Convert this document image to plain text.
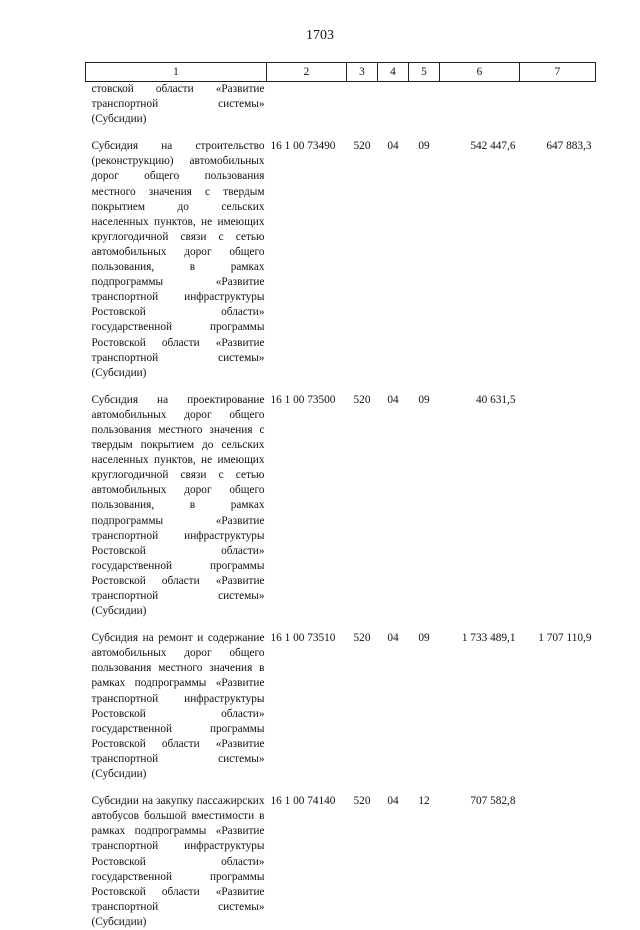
1703
1	2	3	4	5	6	7
стовской области «Развитие транспортной системы» (Субсидии)						
Субсидия на строительство (реконструкцию) автомобильных дорог общего пользования местного значения с твердым покрытием до сельских населенных пунктов, не имеющих круглогодичной связи с сетью автомобильных дорог общего пользования, в рамках подпрограммы «Развитие транспортной инфраструктуры Ростовской области» государственной программы Ростовской области «Развитие транспортной системы» (Субсидии)	16 1 00 73490	520	04	09	542 447,6	647 883,3
Субсидия на проектирование автомобильных дорог общего пользования местного значения с твердым покрытием до сельских населенных пунктов, не имеющих круглогодичной связи с сетью автомобильных дорог общего пользования, в рамках подпрограммы «Развитие транспортной инфраструктуры Ростовской области» государственной программы Ростовской области «Развитие транспортной системы» (Субсидии)	16 1 00 73500	520	04	09	40 631,5	
Субсидия на ремонт и содержание автомобильных дорог общего пользования местного значения в рамках подпрограммы «Развитие транспортной инфраструктуры Ростовской области» государственной программы Ростовской области «Развитие транспортной системы» (Субсидии)	16 1 00 73510	520	04	09	1 733 489,1	1 707 110,9
Субсидии на закупку пассажирских автобусов большой вместимости в рамках подпрограммы «Развитие транспортной инфраструктуры Ростовской области» государственной программы Ростовской области «Развитие транспортной системы» (Субсидии)	16 1 00 74140	520	04	12	707 582,8	
